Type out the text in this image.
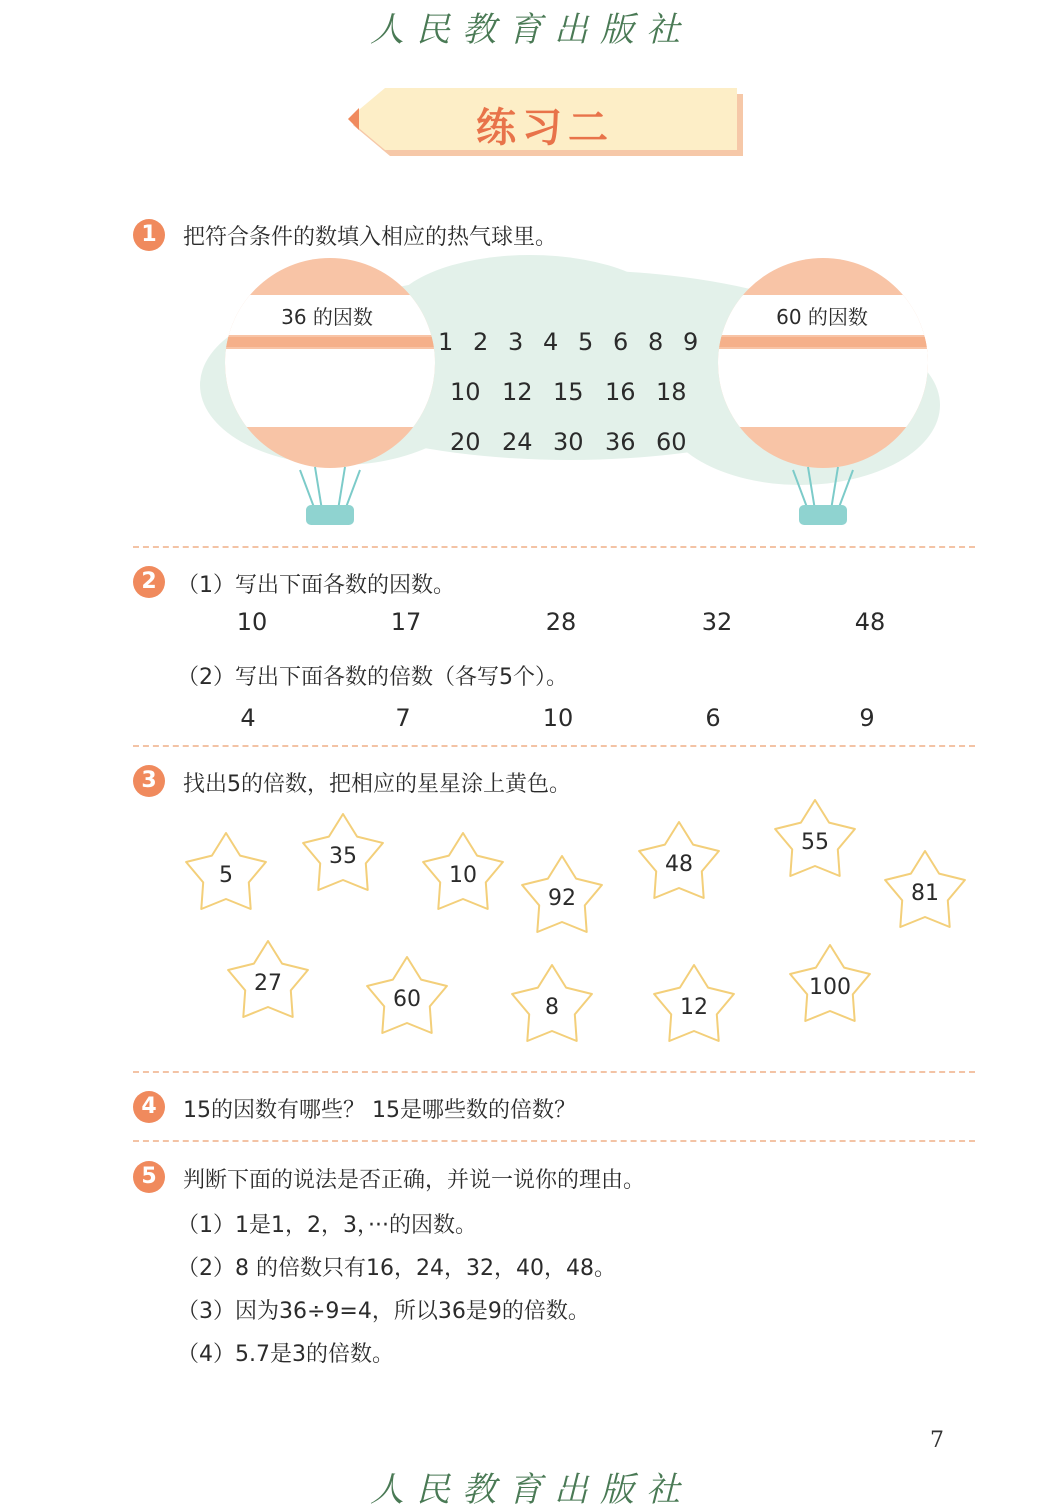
人民教育出版社
练习二
1	把符合条件的数填入相应的热气球里。
36 的因数	60 的因数
1 2 3 4 5 6 8 9
10 12 15 16 18
20 24 30 36 60
2 （1）写出下面各数的因数。
10	17	28	32	48
（2）写出下面各数的倍数（各写5个）。
4	7	10	6	9
3	找出5的倍数，把相应的星星涂上黄色。
5
35
10
92
48
55
81
27
60	8	12
100
4	15的因数有哪些？ 15是哪些数的倍数？
5	判断下面的说法是否正确，并说一说你的理由。
（1）1是1，2，3，···的因数。
（2）8 的倍数只有16，24，32，40，48。
（3）因为36÷9=4，所以36是9的倍数。
（4）5.7是3的倍数。
7
人民教育出版社
